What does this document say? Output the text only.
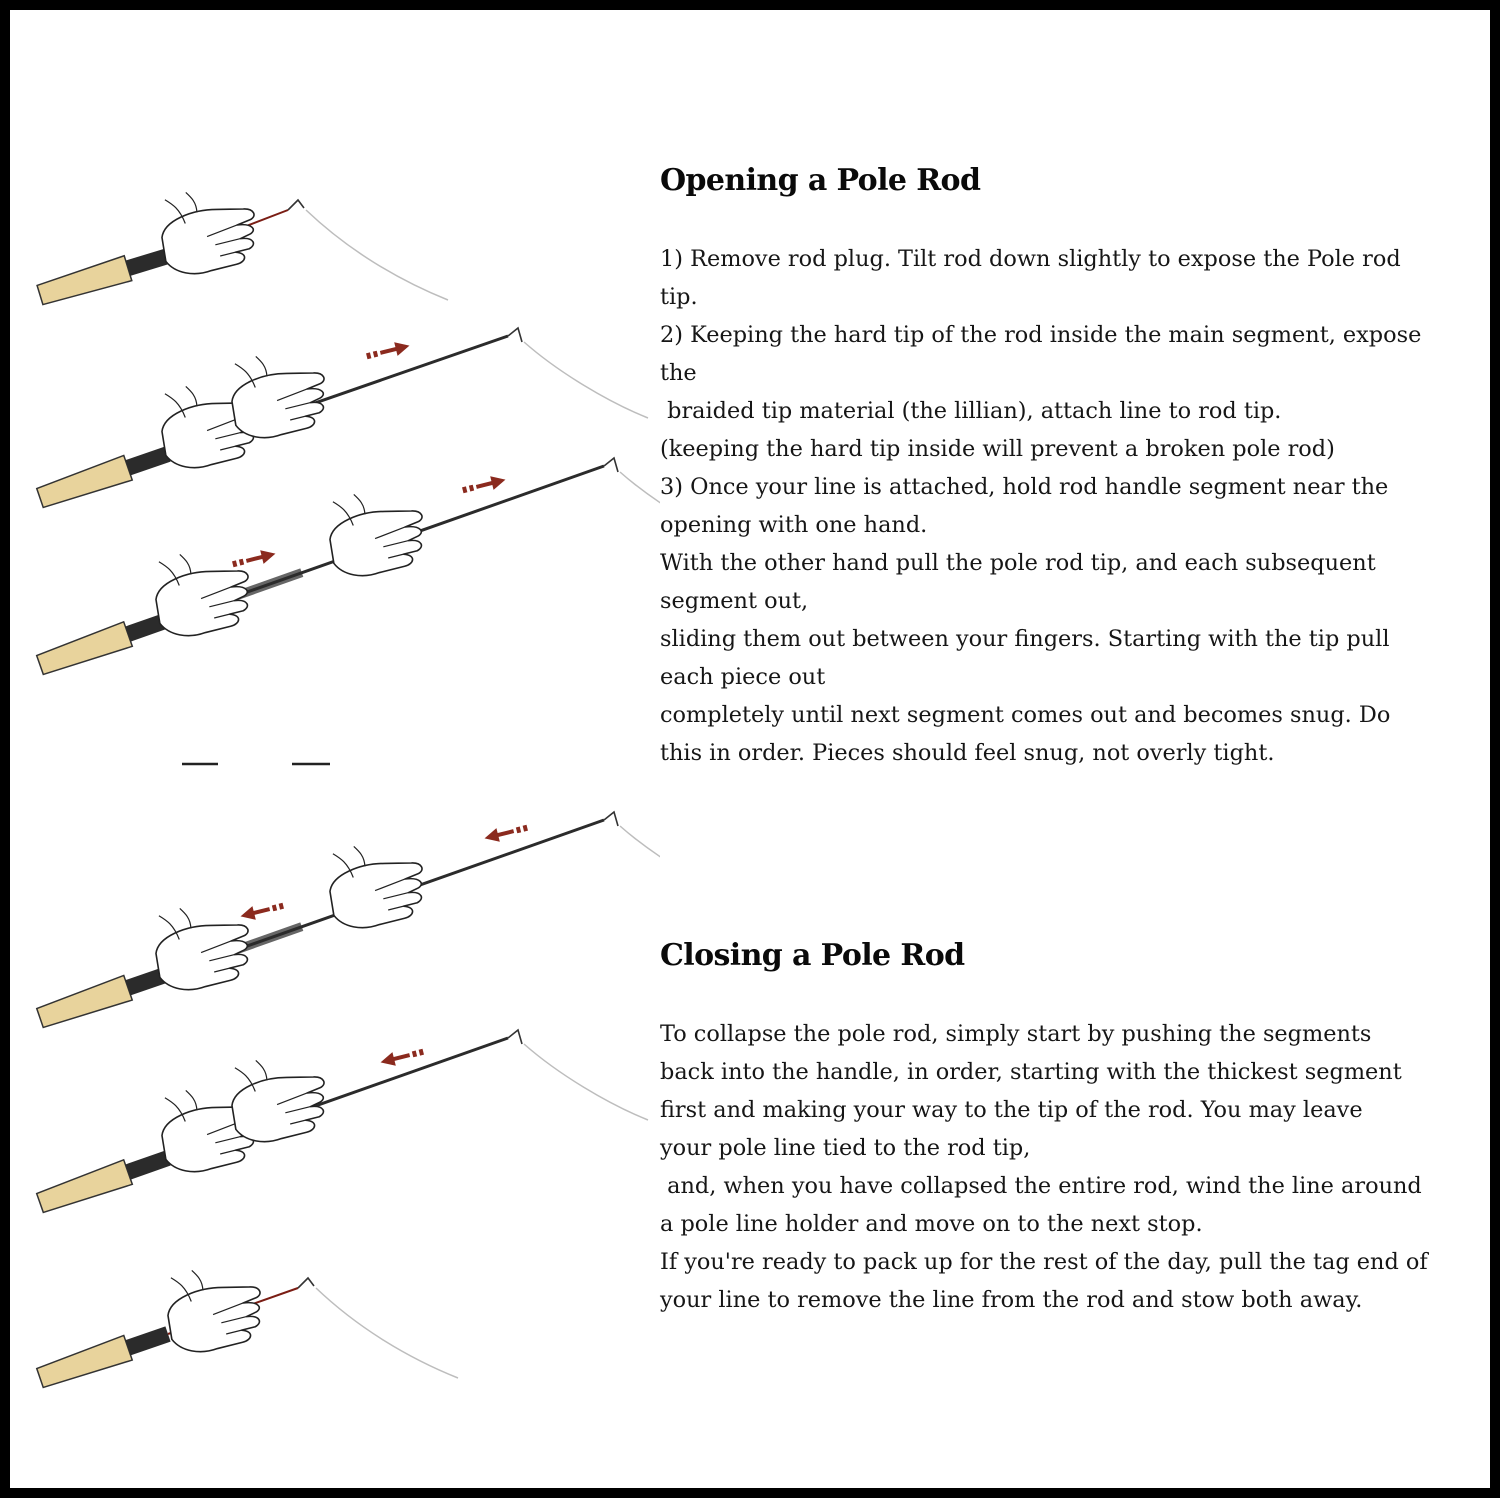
Opening a Pole Rod

1) Remove rod plug. Tilt rod down slightly to expose the Pole rod

tip.

2) Keeping the hard tip of the rod inside the main segment, expose

the

braided tip material (the lillian), attach line to rod tip.

(keeping the hard tip inside will prevent a broken pole rod)

3) Once your line is attached, hold rod handle segment near the

opening with one hand.

With the other hand pull the pole rod tip, and each subsequent

segment out,

sliding them out between your fingers. Starting with the tip pull

each piece out

completely until next segment comes out and becomes snug. Do

this in order. Pieces should feel snug, not overly tight.

Closing a Pole Rod

To collapse the pole rod, simply start by pushing the segments

back into the handle, in order, starting with the thickest segment

first and making your way to the tip of the rod. You may leave

your pole line tied to the rod tip,

and, when you have collapsed the entire rod, wind the line around

a pole line holder and move on to the next stop.

If you're ready to pack up for the rest of the day, pull the tag end of

your line to remove the line from the rod and stow both away.
